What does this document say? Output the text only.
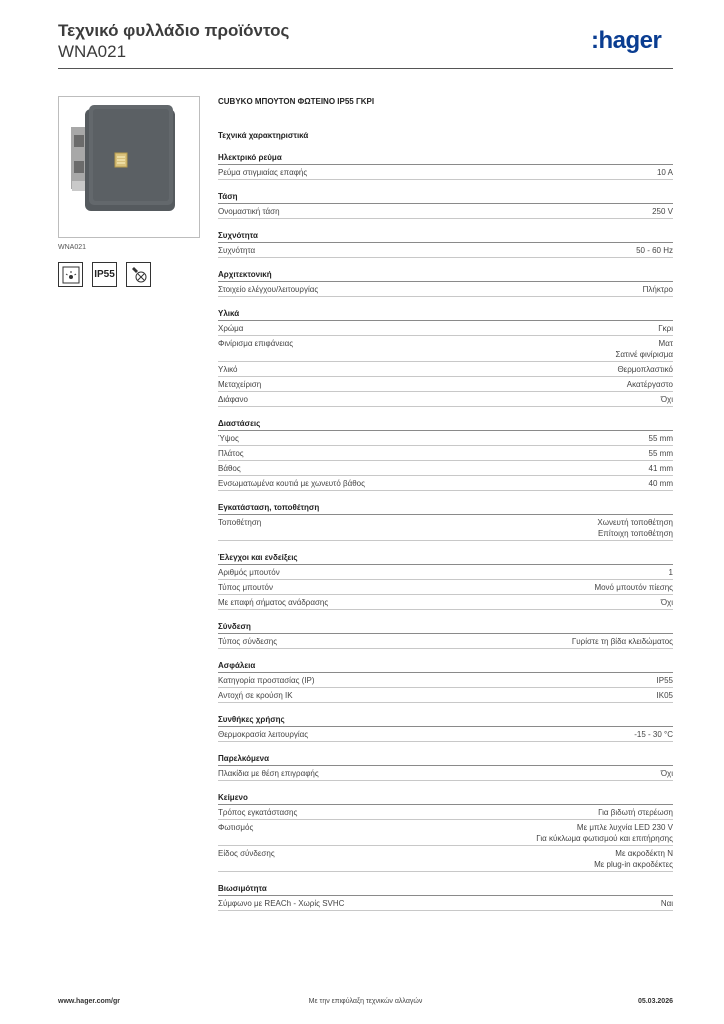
Τεχνικό φυλλάδιο προϊόντος
WNA021	:hager
WNA021
IP55
CUBYKO ΜΠΟΥΤΟΝ ΦΩΤΕΙΝΟ IP55 ΓΚΡΙ
Τεχνικά χαρακτηριστικά
Ηλεκτρικό ρεύμα
Ρεύμα στιγμιαίας επαφής	10 A
Τάση
Ονομαστική τάση	250 V
Συχνότητα
Συχνότητα	50 - 60 Hz
Αρχιτεκτονική
Στοιχείο ελέγχου/λειτουργίας	Πλήκτρο
Υλικά
Χρώμα	Γκρι
Φινίρισμα επιφάνειας	Ματ
Σατινέ φινίρισμα
Υλικό	Θερμοπλαστικό
Μεταχείριση	Ακατέργαστο
Διάφανο	Όχι
Διαστάσεις
Ύψος	55 mm
Πλάτος	55 mm
Βάθος	41 mm
Ενσωματωμένα κουτιά με χωνευτό βάθος	40 mm
Εγκατάσταση, τοποθέτηση
Τοποθέτηση	Χωνευτή τοποθέτηση
Επίτοιχη τοποθέτηση
Έλεγχοι και ενδείξεις
Αριθμός μπουτόν	1
Τύπος μπουτόν	Μονό μπουτόν πίεσης
Με επαφή σήματος ανάδρασης	Όχι
Σύνδεση
Τύπος σύνδεσης	Γυρίστε τη βίδα κλειδώματος
Ασφάλεια
Κατηγορία προστασίας (IP)	IP55
Αντοχή σε κρούση IK	IK05
Συνθήκες χρήσης
Θερμοκρασία λειτουργίας	-15 - 30 °C
Παρελκόμενα
Πλακίδια με θέση επιγραφής	Όχι
Κείμενο
Τρόπος εγκατάστασης	Για βιδωτή στερέωση
Φωτισμός	Με μπλε λυχνία LED 230 V
Για κύκλωμα φωτισμού και επιτήρησης
Είδος σύνδεσης	Με ακροδέκτη N
Με plug-in ακροδέκτες
Βιωσιμότητα
Σύμφωνο με REACh - Χωρίς SVHC	Ναι
www.hager.com/gr	Με την επιφύλαξη τεχνικών αλλαγών	05.03.2026
